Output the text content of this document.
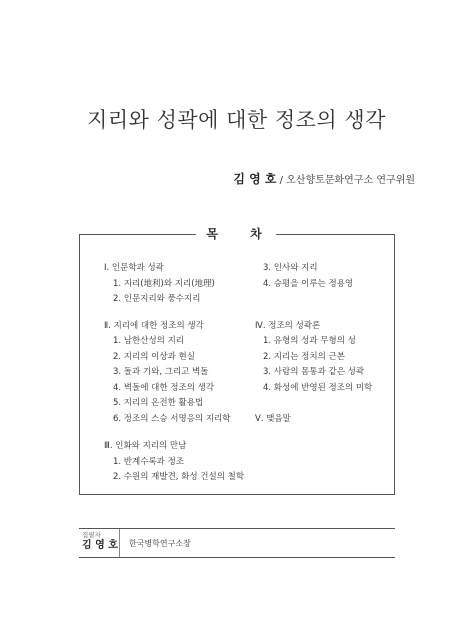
지리와 성곽에 대한 정조의 생각
김 영 호 / 오산향토문화연구소 연구위원
목 차
Ⅰ. 인문학과 성곽
1. 지리(地利)와 지리(地理)
2. 인문지리와 풍수지리
Ⅱ. 지리에 대한 정조의 생각
1. 남한산성의 지리
2. 지리의 이상과 현실
3. 돌과 기와, 그리고 벽돌
4. 벽돌에 대한 정조의 생각
5. 지리의 온전한 활용법
6. 정조의 스승 서명응의 지리학
Ⅲ. 인화와 지리의 만남
1. 반계수록과 정조
2. 수원의 재발견, 화성 건설의 철학
3. 인사와 지리
4. 승평을 이루는 정용영
Ⅳ. 정조의 성곽론
1. 유형의 성과 무형의 성
2. 지리는 정치의 근본
3. 사람의 몸통과 같은 성곽
4. 화성에 반영된 정조의 미학
Ⅴ. 맺음말
집필자
김 영 호 한국병학연구소장
